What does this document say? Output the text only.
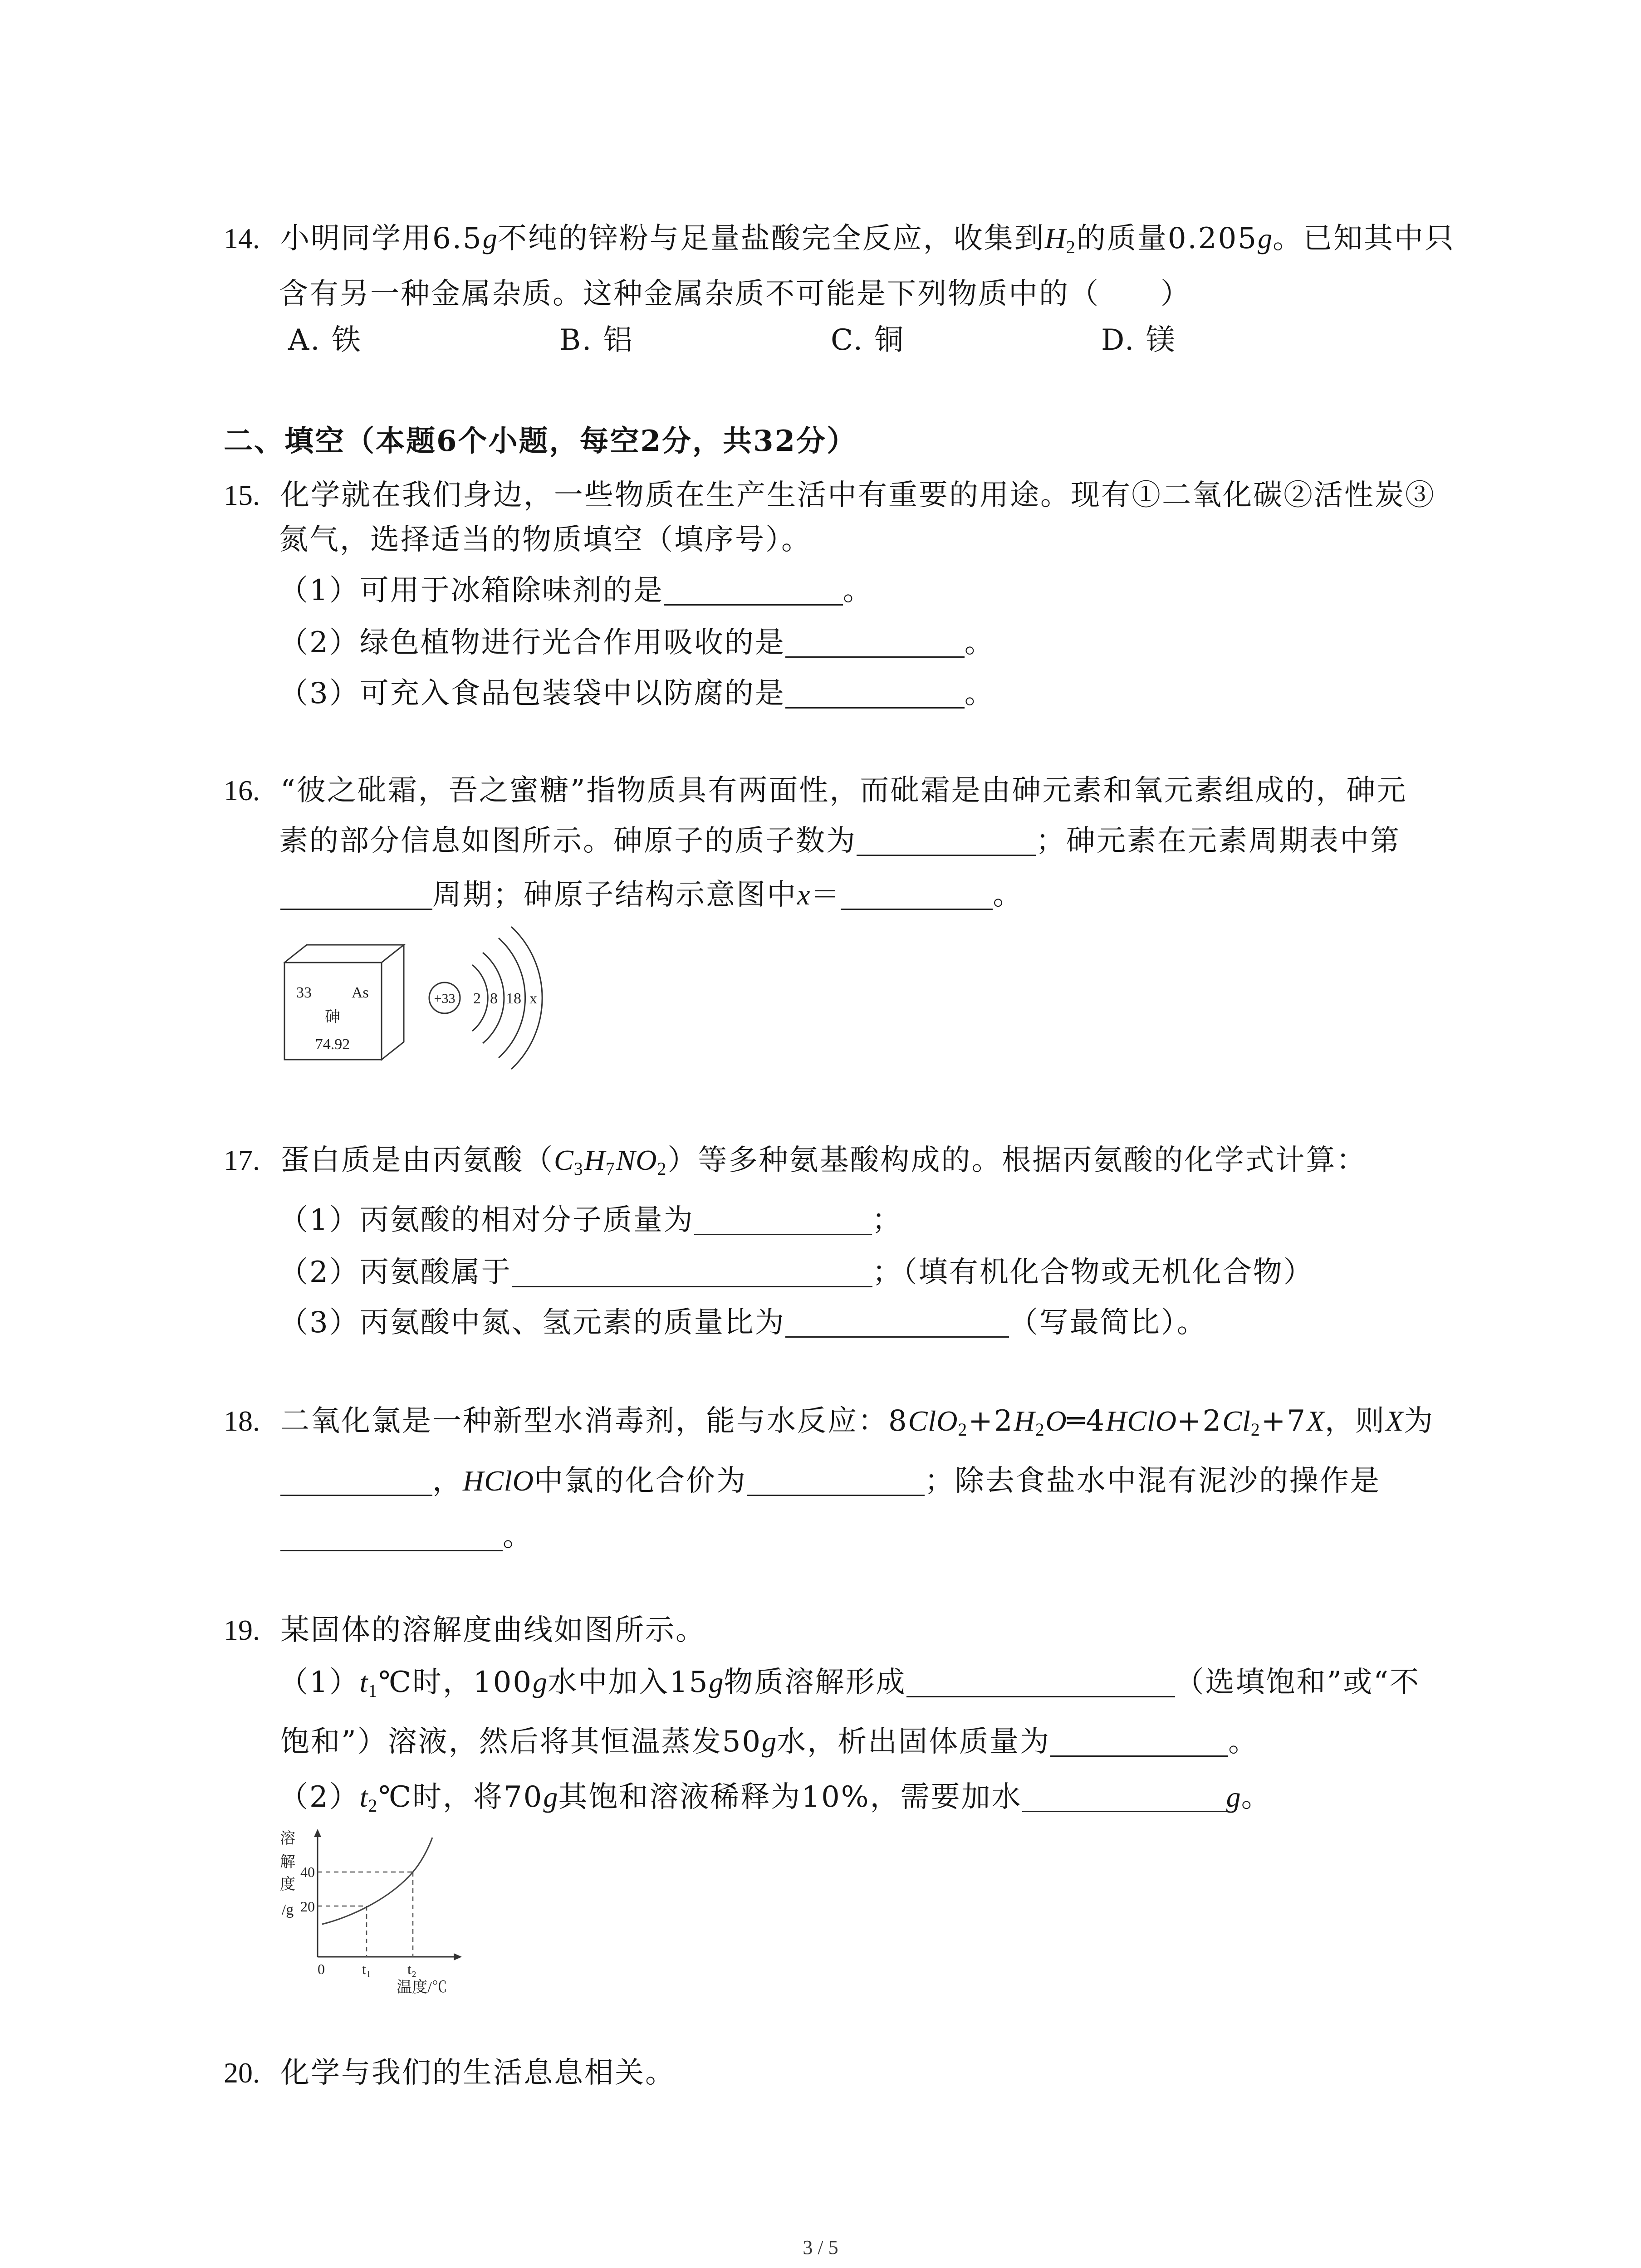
14. 小明同学用6.5g不纯的锌粉与足量盐酸完全反应，收集到$H_2$的质量0.205g。已知其中只
含有另一种金属杂质。这种金属杂质不可能是下列物质中的（　　）
A. 铁	B. 铝	C. 铜	D. 镁
二、填空（本题6个小题，每空2分，共32分）
15. 化学就在我们身边，一些物质在生产生活中有重要的用途。现有①二氧化碳②活性炭③
氮气，选择适当的物质填空（填序号）。
（1）可用于冰箱除味剂的是	。
（2）绿色植物进行光合作用吸收的是	。
（3）可充入食品包装袋中以防腐的是	。
16. “彼之砒霜，吾之蜜糖”指物质具有两面性，而砒霜是由砷元素和氧元素组成的，砷元
素的部分信息如图所示。砷原子的质子数为	；砷元素在元素周期表中第
周期；砷原子结构示意图中x＝	。
33	As
砷
74.92
+33 2 8 18 x
17. 蛋白质是由丙氨酸$(C_3H_7NO_2)$等多种氨基酸构成的。根据丙氨酸的化学式计算：
（1）丙氨酸的相对分子质量为	；
（2）丙氨酸属于	；（填有机化合物或无机化合物）
（3）丙氨酸中氮、氢元素的质量比为	（写最简比）。
18. 二氧化氯是一种新型水消毒剂，能与水反应：$8ClO_2+2H_2O═4HClO+2Cl_2+7X$，则X为
，HClO中氯的化合价为	；除去食盐水中混有泥沙的操作是
。
19. 某固体的溶解度曲线如图所示。
$(1)t_1℃$时，100g水中加入15g物质溶解形成	（选填饱和”或“不
饱和”）溶液，然后将其恒温蒸发50g水，析出固体质量为	。
$(2)t_2℃$时，将70g其饱和溶液稀释为10%，需要加水	g。
溶
解
度
/g
40
20
0	t₁ t₂
温度/℃
20. 化学与我们的生活息息相关。
3 / 5
